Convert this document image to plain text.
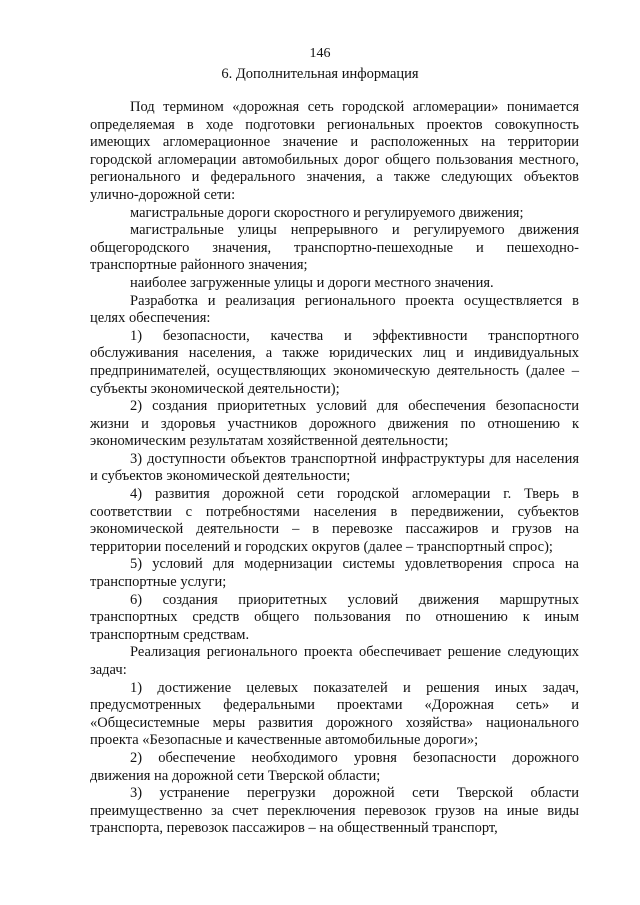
146
6. Дополнительная информация

Под термином «дорожная сеть городской агломерации» понимается определяемая в ходе подготовки региональных проектов совокупность имеющих агломерационное значение и расположенных на территории городской агломерации автомобильных дорог общего пользования местного, регионального и федерального значения, а также следующих объектов улично-дорожной сети:

магистральные дороги скоростного и регулируемого движения;

магистральные улицы непрерывного и регулируемого движения общегородского значения, транспортно-пешеходные и пешеходно-транспортные районного значения;

наиболее загруженные улицы и дороги местного значения.

Разработка и реализация регионального проекта осуществляется в целях обеспечения:

1) безопасности, качества и эффективности транспортного обслуживания населения, а также юридических лиц и индивидуальных предпринимателей, осуществляющих экономическую деятельность (далее – субъекты экономической деятельности);

2) создания приоритетных условий для обеспечения безопасности жизни и здоровья участников дорожного движения по отношению к экономическим результатам хозяйственной деятельности;

3) доступности объектов транспортной инфраструктуры для населения и субъектов экономической деятельности;

4) развития дорожной сети городской агломерации г. Тверь в соответствии с потребностями населения в передвижении, субъектов экономической деятельности – в перевозке пассажиров и грузов на территории поселений и городских округов (далее – транспортный спрос);

5) условий для модернизации системы удовлетворения спроса на транспортные услуги;

6) создания приоритетных условий движения маршрутных транспортных средств общего пользования по отношению к иным транспортным средствам.

Реализация регионального проекта обеспечивает решение следующих задач:

1) достижение целевых показателей и решения иных задач, предусмотренных федеральными проектами «Дорожная сеть» и «Общесистемные меры развития дорожного хозяйства» национального проекта «Безопасные и качественные автомобильные дороги»;

2) обеспечение необходимого уровня безопасности дорожного движения на дорожной сети Тверской области;

3) устранение перегрузки дорожной сети Тверской области преимущественно за счет переключения перевозок грузов на иные виды транспорта, перевозок пассажиров – на общественный транспорт,
